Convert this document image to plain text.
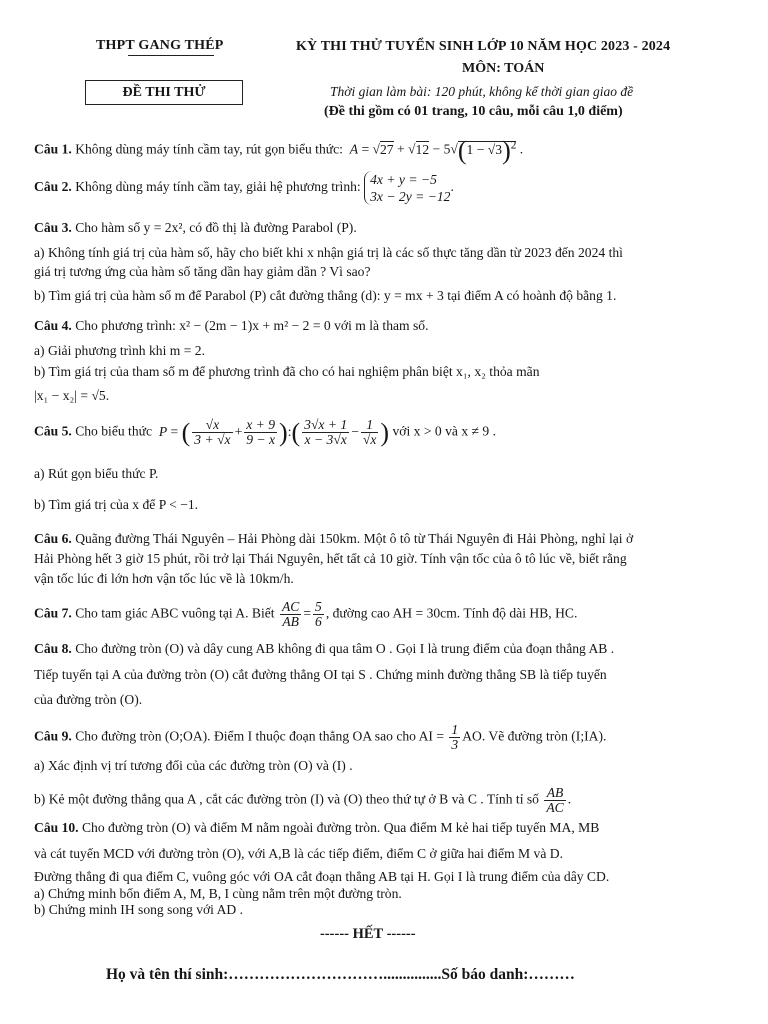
THPT GANG THÉP
ĐỀ THI THỬ
KỲ THI THỬ TUYỂN SINH LỚP 10 NĂM HỌC 2023 - 2024
MÔN: TOÁN
Thời gian làm bài: 120 phút, không kể thời gian giao đề
(Đề thi gồm có 01 trang, 10 câu, mỗi câu 1,0 điểm)
Câu 1. Không dùng máy tính cầm tay, rút gọn biểu thức: $A = √27 + √12 - 5√(1 - √3)^2$ .
Câu 2. Không dùng máy tính cầm tay, giải hệ phương trình: 4x + y = −5
3x − 2y = −12
.
Câu 3. Cho hàm số y = 2x², có đồ thị là đường Parabol (P).
a) Không tính giá trị của hàm số, hãy cho biết khi x nhận giá trị là các số thực tăng dần từ 2023 đến 2024 thì
giá trị tương ứng của hàm số tăng dần hay giảm dần ? Vì sao?
b) Tìm giá trị của hàm số m để Parabol (P) cắt đường thẳng (d): y = mx + 3 tại điểm A có hoành độ bằng 1.
Câu 4. Cho phương trình: x² − (2m − 1)x + m² − 2 = 0 với m là tham số.
a) Giải phương trình khi m = 2.
b) Tìm giá trị của tham số m để phương trình đã cho có hai nghiệm phân biệt x₁, x₂ thỏa mãn
|x₁ − x₂| = √5.
Câu 5. Cho biểu thức P = ( $\frac{√x}{3 + √x} + \frac{x + 9}{9 - x}$ ):( $\frac{3√x + 1}{x - 3√x} - \frac{1}{√x}$ ) với x > 0 và x ≠ 9 .
a) Rút gọn biểu thức P.
b) Tìm giá trị của x để P < −1.
Câu 6. Quãng đường Thái Nguyên – Hải Phòng dài 150km. Một ô tô từ Thái Nguyên đi Hải Phòng, nghỉ lại ở
Hải Phòng hết 3 giờ 15 phút, rồi trở lại Thái Nguyên, hết tất cả 10 giờ. Tính vận tốc của ô tô lúc về, biết rằng
vận tốc lúc đi lớn hơn vận tốc lúc về là 10km/h.
Câu 7. Cho tam giác ABC vuông tại A. Biết $\frac{AC}{AB} = \frac{5}{6}$ , đường cao AH = 30cm. Tính độ dài HB, HC.
Câu 8. Cho đường tròn (O) và dây cung AB không đi qua tâm O . Gọi I là trung điểm của đoạn thẳng AB .
Tiếp tuyến tại A của đường tròn (O) cắt đường thẳng OI tại S . Chứng minh đường thẳng SB là tiếp tuyến
của đường tròn (O).
Câu 9. Cho đường tròn (O;OA). Điểm I thuộc đoạn thẳng OA sao cho AI = $\frac{1}{3}$ AO. Vẽ đường tròn (I;IA).
a) Xác định vị trí tương đối của các đường tròn (O) và (I) .
b) Kẻ một đường thẳng qua A , cắt các đường tròn (I) và (O) theo thứ tự ở B và C . Tính tỉ số $\frac{AB}{AC}$ .
Câu 10. Cho đường tròn (O) và điểm M nằm ngoài đường tròn. Qua điểm M kẻ hai tiếp tuyến MA, MB
và cát tuyến MCD với đường tròn (O), với A,B là các tiếp điểm, điểm C ở giữa hai điểm M và D.
Đường thẳng đi qua điểm C, vuông góc với OA cắt đoạn thẳng AB tại H. Gọi I là trung điểm của dây CD.
a) Chứng minh bốn điểm A, M, B, I cùng nằm trên một đường tròn.
b) Chứng minh IH song song với AD .
------ HẾT ------
Họ và tên thí sinh:…………………………...............Số báo danh:………
